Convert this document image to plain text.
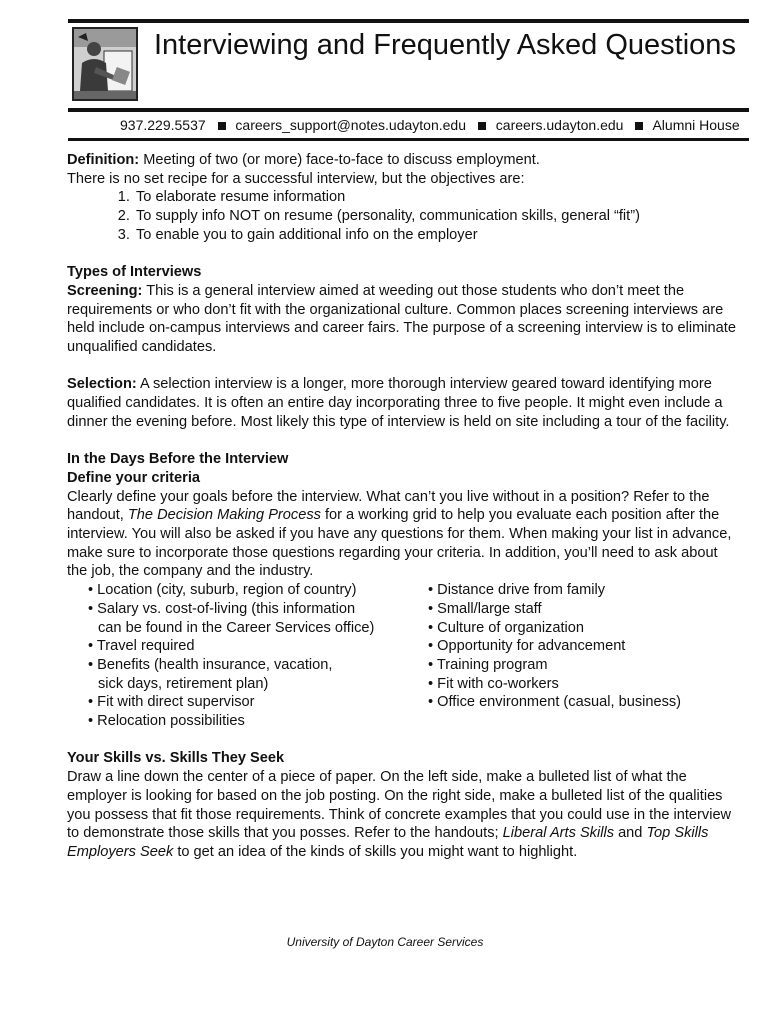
Interviewing and Frequently Asked Questions
937.229.5537 careers_support@notes.udayton.edu careers.udayton.edu Alumni House

Definition: Meeting of two (or more) face-to-face to discuss employment.

There is no set recipe for a successful interview, but the objectives are:

1. To elaborate resume information
2. To supply info NOT on resume (personality, communication skills, general “fit”)
3. To enable you to gain additional info on the employer

Types of Interviews

Screening: This is a general interview aimed at weeding out those students who don’t meet the requirements or who don’t fit with the organizational culture. Common places screening interviews are held include on-campus interviews and career fairs. The purpose of a screening interview is to eliminate unqualified candidates.

Selection: A selection interview is a longer, more thorough interview geared toward identifying more qualified candidates. It is often an entire day incorporating three to five people. It might even include a dinner the evening before. Most likely this type of interview is held on site including a tour of the facility.

In the Days Before the Interview

Define your criteria

Clearly define your goals before the interview. What can’t you live without in a position? Refer to the handout, The Decision Making Process for a working grid to help you evaluate each position after the interview. You will also be asked if you have any questions for them. When making your list in advance, make sure to incorporate those questions regarding your criteria. In addition, you’ll need to ask about the job, the company and the industry.

• Location (city, suburb, region of country)
• Salary vs. cost-of-living (this information
can be found in the Career Services office)
• Travel required
• Benefits (health insurance, vacation,
sick days, retirement plan)
• Fit with direct supervisor
• Relocation possibilities
• Distance drive from family
• Small/large staff
• Culture of organization
• Opportunity for advancement
• Training program
• Fit with co-workers
• Office environment (casual, business)

Your Skills vs. Skills They Seek

Draw a line down the center of a piece of paper. On the left side, make a bulleted list of what the employer is looking for based on the job posting. On the right side, make a bulleted list of the qualities you possess that fit those requirements. Think of concrete examples that you could use in the interview to demonstrate those skills that you posses. Refer to the handouts; Liberal Arts Skills and Top Skills Employers Seek to get an idea of the kinds of skills you might want to highlight.

University of Dayton Career Services
